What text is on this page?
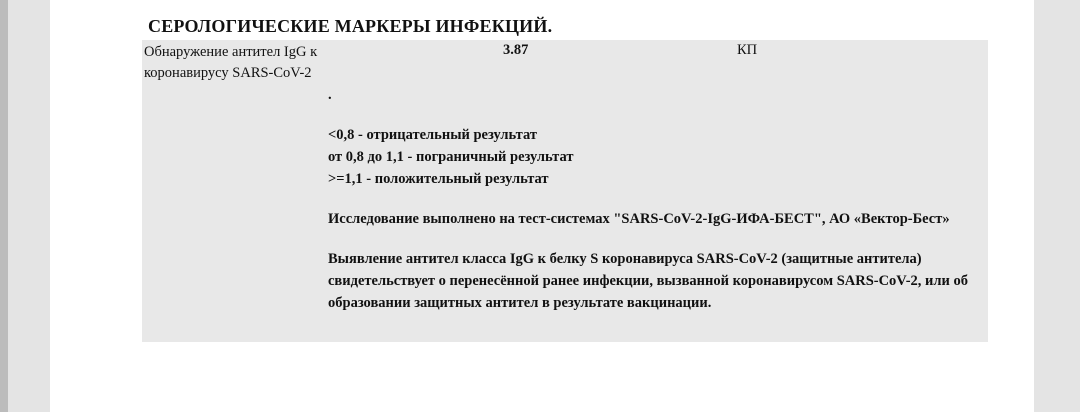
СЕРОЛОГИЧЕСКИЕ МАРКЕРЫ ИНФЕКЦИЙ.
Обнаружение антител IgG к коронавирусу SARS-CoV-2
3.87	КП

.

<0,8 - отрицательный результат

от 0,8 до 1,1 - пограничный результат

>=1,1 - положительный результат

Исследование выполнено на тест-системах "SARS-CoV-2-IgG-ИФА-БЕСТ", АО «Вектор-Бест»

Выявление антител класса IgG к белку S коронавируса SARS-CoV-2 (защитные антитела) свидетельствует о перенесённой ранее инфекции, вызванной коронавирусом SARS-CoV-2, или об образовании защитных антител в результате вакцинации.
